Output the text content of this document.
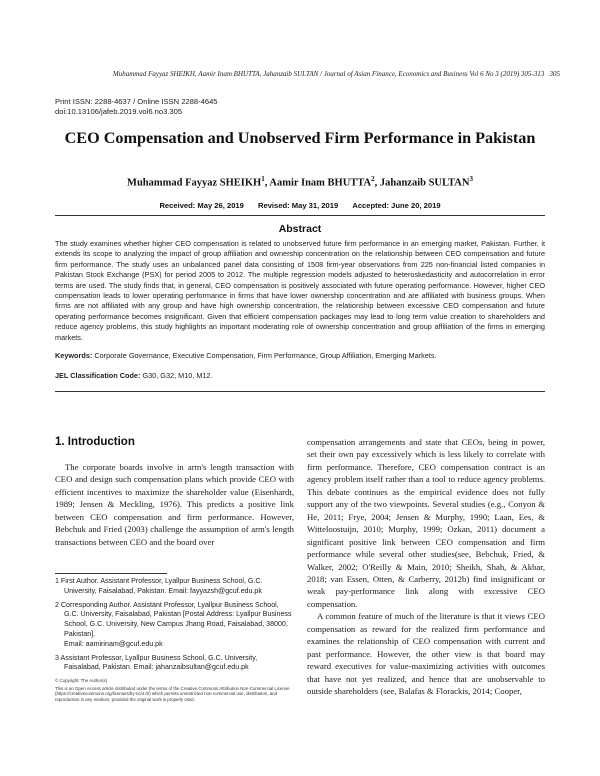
Muhammad Fayyaz SHEIKH, Aamir Inam BHUTTA, Jahanzaib SULTAN / Journal of Asian Finance, Economics and Business Vol 6 No 3 (2019) 305-313 305
Print ISSN: 2288-4637 / Online ISSN 2288-4645
doi:10.13106/jafeb.2019.vol6.no3.305
CEO Compensation and Unobserved Firm Performance in Pakistan
Muhammad Fayyaz SHEIKH$^1$, Aamir Inam BHUTTA$^2$, Jahanzaib SULTAN$^3$
Received: May 26, 2019 Revised: May 31, 2019 Accepted: June 20, 2019
Abstract
The study examines whether higher CEO compensation is related to unobserved future firm performance in an emerging market, Pakistan. Further, it extends its scope to analyzing the impact of group affiliation and ownership concentration on the relationship between CEO compensation and future firm performance. The study uses an unbalanced panel data consisting of 1508 firm-year observations from 225 non-financial listed companies in Pakistan Stock Exchange (PSX) for period 2005 to 2012. The multiple regression models adjusted to heteroskedasticity and autocorrelation in error terms are used. The study finds that, in general, CEO compensation is positively associated with future operating performance. However, higher CEO compensation leads to lower operating performance in firms that have lower ownership concentration and are affiliated with business groups. When firms are not affiliated with any group and have high ownership concentration, the relationship between excessive CEO compensation and future operating performance becomes insignificant. Given that efficient compensation packages may lead to long term value creation to shareholders and reduce agency problems, this study highlights an important moderating role of ownership concentration and group affiliation of the firms in emerging markets.
Keywords: Corporate Governance, Executive Compensation, Firm Performance, Group Affiliation, Emerging Markets.
JEL Classification Code: G30, G32, M10, M12.
1. Introduction

The corporate boards involve in arm's length transaction with CEO and design such compensation plans which provide CEO with efficient incentives to maximize the shareholder value (Eisenhardt, 1989; Jensen & Meckling, 1976). This predicts a positive link between CEO compensation and firm performance. However, Bebchuk and Fried (2003) challenge the assumption of arm's length transactions between CEO and the board over

compensation arrangements and state that CEOs, being in power, set their own pay excessively which is less likely to correlate with firm performance. Therefore, CEO compensation contract is an agency problem itself rather than a tool to reduce agency problems. This debate continues as the empirical evidence does not fully support any of the two viewpoints. Several studies (e.g., Conyon & He, 2011; Frye, 2004; Jensen & Murphy, 1990; Laan, Ees, & Witteloostuijn, 2010; Murphy, 1999; Ozkan, 2011) document a significant positive link between CEO compensation and firm performance while several other studies(see, Bebchuk, Fried, & Walker, 2002; O'Reilly & Main, 2010; Sheikh, Shah, & Akbar, 2018; van Essen, Otten, & Carberry, 2012b) find insignificant or weak pay-performance link along with excessive CEO compensation.

A common feature of much of the literature is that it views CEO compensation as reward for the realized firm performance and examines the relationship of CEO compensation with current and past performance. However, the other view is that board may reward executives for value-maximizing activities with outcomes that have not yet realized, and hence that are unobservable to outside shareholders (see, Balafas & Florackis, 2014; Cooper,

1 First Author. Assistant Professor, Lyallpur Business School, G.C. University, Faisalabad, Pakistan. Email: fayyazsh@gcuf.edu.pk
2 Corresponding Author. Assistant Professor, Lyallpur Business School, G.C. University, Faisalabad, Pakistan [Postal Address: Lyallpur Business School, G.C. University, New Campus Jhang Road, Faisalabad, 38000, Pakistan].
Email: aamirinam@gcuf.edu.pk
3 Assistant Professor, Lyallpur Business School, G.C. University, Faisalabad, Pakistan. Email: jahanzaibsultan@gcuf.edu.pk

© Copyright: The Author(s)

This is an Open Access article distributed under the terms of the Creative Commons Attribution Non-Commercial License (https://creativecommons.org/licenses/by-nc/4.0/) which permits unrestricted non-commercial use, distribution, and reproduction in any medium, provided the original work is properly cited.
